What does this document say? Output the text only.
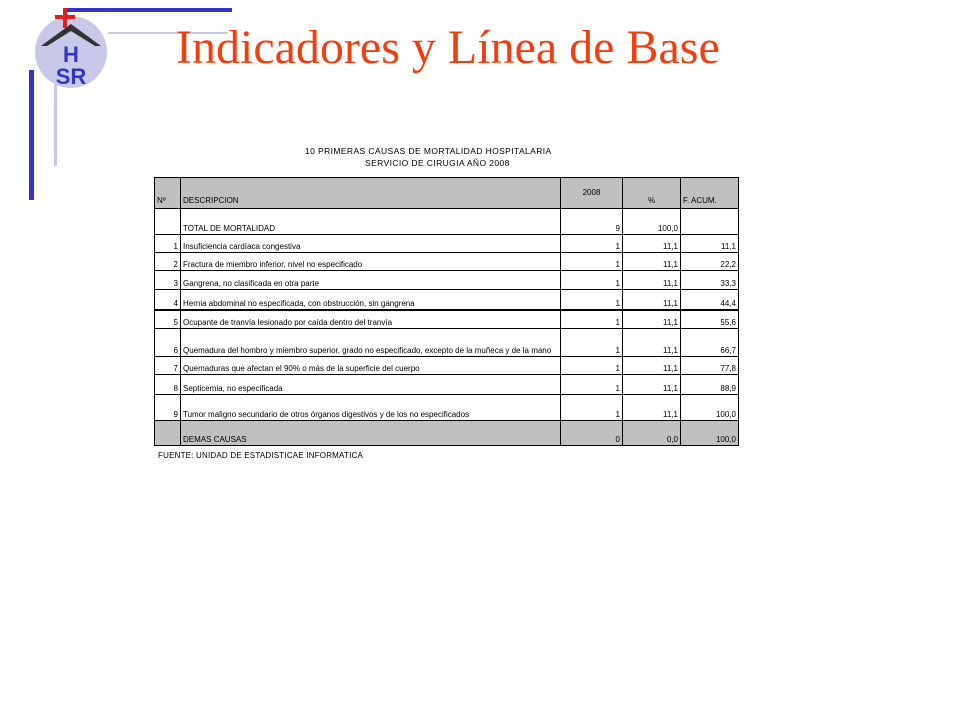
H
SR
Indicadores y Línea de Base
10 PRIMERAS CAUSAS DE MORTALIDAD HOSPITALARIA
SERVICIO DE CIRUGIA AÑO 2008
Nº	DESCRIPCION	2008	%	F. ACUM.
	TOTAL DE MORTALIDAD	9	100,0	
1	Insuficiencia cardíaca congestiva	1	11,1	11,1
2	Fractura de miembro inferior, nivel no especificado	1	11,1	22,2
3	Gangrena, no clasificada en otra parte	1	11,1	33,3
4	Hernia abdominal no especificada, con obstrucción, sin gangrena	1	11,1	44,4
5	Ocupante de tranvía lesionado por caída dentro del tranvía	1	11,1	55,6
6	Quemadura del hombro y miembro superior, grado no especificado, excepto de la muñeca y de la mano	1	11,1	66,7
7	Quemaduras que afectan el 90% o más de la superficie del cuerpo	1	11,1	77,8
8	Septicemia, no especificada	1	11,1	88,9
9	Tumor maligno secundario de otros órganos digestivos y de los no especificados	1	11,1	100,0
	DEMAS CAUSAS	0	0,0	100,0
FUENTE: UNIDAD DE ESTADISTICAE INFORMATICA
